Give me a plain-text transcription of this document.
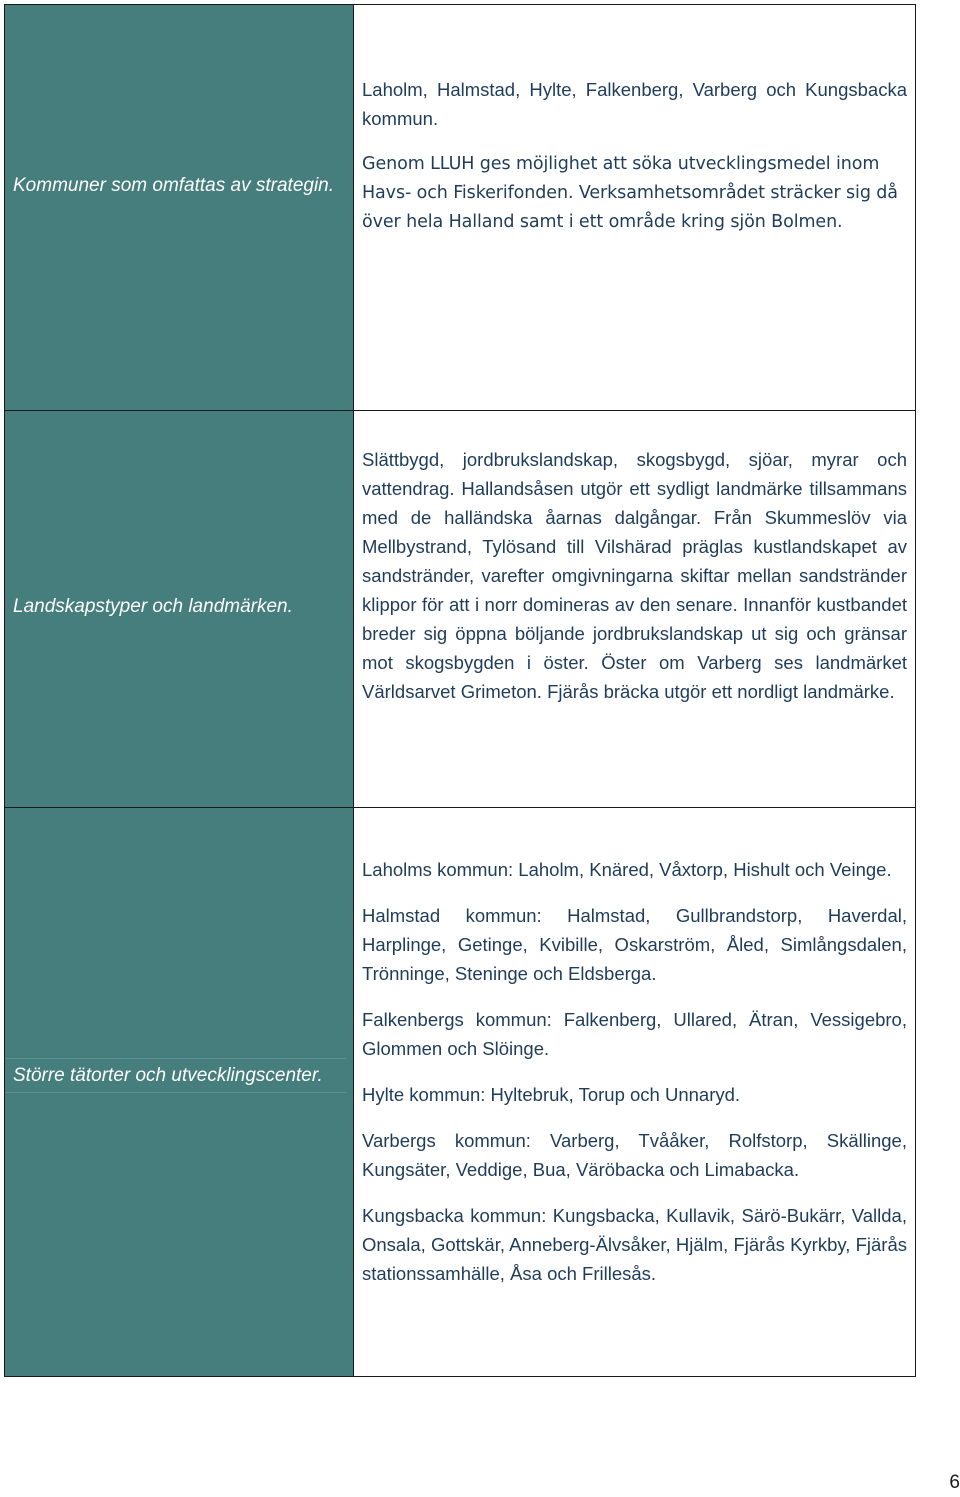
Kommuner som omfattas av strategin.

Laholm, Halmstad, Hylte, Falkenberg, Varberg och Kungsbacka kommun.

Genom LLUH ges möjlighet att söka utvecklingsmedel inom Havs- och Fiskerifonden. Verksamhetsområdet sträcker sig då över hela Halland samt i ett område kring sjön Bolmen.

Landskapstyper och landmärken.

Slättbygd, jordbrukslandskap, skogsbygd, sjöar, myrar och vattendrag. Hallandsåsen utgör ett sydligt landmärke tillsammans med de halländska åarnas dalgångar. Från Skummeslöv via Mellbystrand, Tylösand till Vilshärad präglas kustlandskapet av sandstränder, varefter omgivningarna skiftar mellan sandstränder klippor för att i norr domineras av den senare. Innanför kustbandet breder sig öppna böljande jordbrukslandskap ut sig och gränsar mot skogsbygden i öster. Öster om Varberg ses landmärket Världsarvet Grimeton. Fjärås bräcka utgör ett nordligt landmärke.

Större tätorter och utvecklingscenter.

Laholms kommun: Laholm, Knäred, Våxtorp, Hishult och Veinge.

Halmstad kommun: Halmstad, Gullbrandstorp, Haverdal, Harplinge, Getinge, Kvibille, Oskarström, Åled, Simlångsdalen, Trönninge, Steninge och Eldsberga.

Falkenbergs kommun: Falkenberg, Ullared, Ätran, Vessigebro, Glommen och Slöinge.

Hylte kommun: Hyltebruk, Torup och Unnaryd.

Varbergs kommun: Varberg, Tvååker, Rolfstorp, Skällinge, Kungsäter, Veddige, Bua, Väröbacka och Limabacka.

Kungsbacka kommun: Kungsbacka, Kullavik, Särö-Bukärr, Vallda, Onsala, Gottskär, Anneberg-Älvsåker, Hjälm, Fjärås Kyrkby, Fjärås stationssamhälle, Åsa och Frillesås.

6
